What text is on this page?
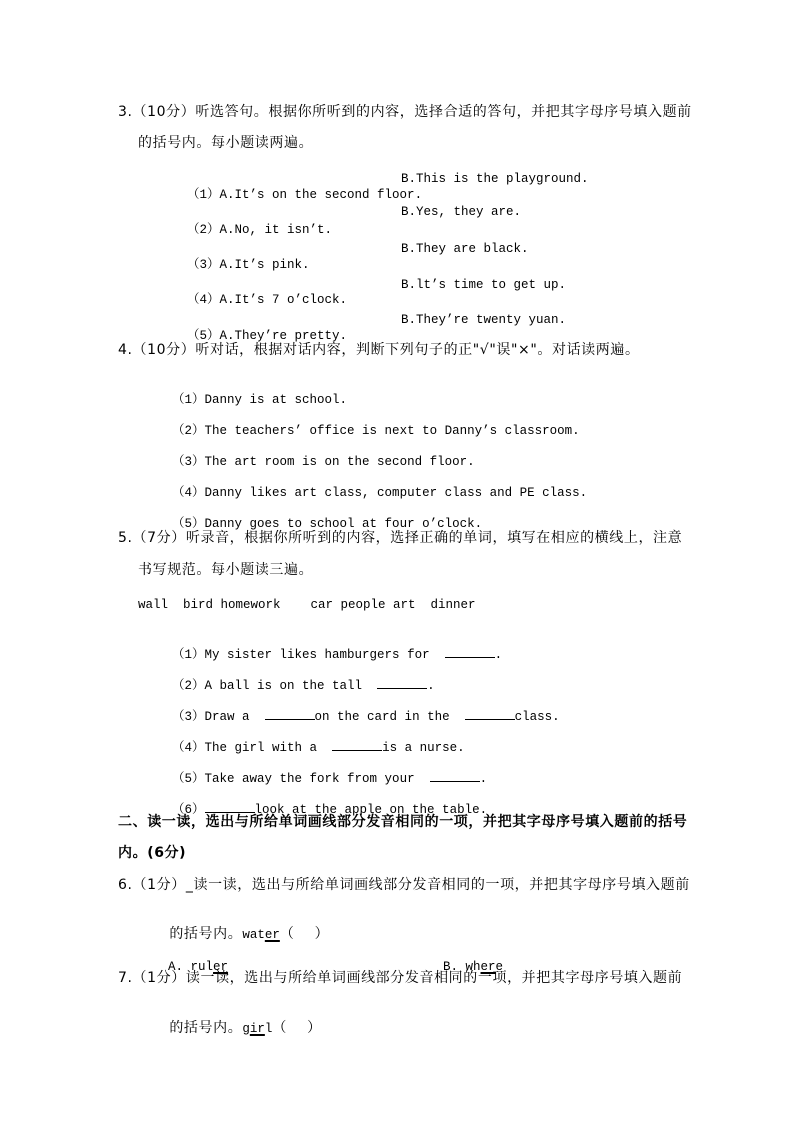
3.（10分）听选答句。根据你所听到的内容，选择合适的答句，并把其字母序号填入题前
的括号内。每小题读两遍。

（1）A.It’s on the second floor.

B.This is the playground.

（2）A.No, it isn’t.

B.Yes, they are.

（3）A.It’s pink.

B.They are black.

（4）A.It’s 7 o’clock.

B.lt’s time to get up.

（5）A.They’re pretty.

B.They’re twenty yuan.
4.（10分）听对话，根据对话内容，判断下列句子的正"√"误"×"。对话读两遍。

（1）Danny is at school.

（2）The teachers’ office is next to Danny’s classroom.

（3）The art room is on the second floor.

（4）Danny likes art class, computer class and PE class.

（5）Danny goes to school at four o’clock.

5.（7分）听录音，根据你所听到的内容，选择正确的单词，填写在相应的横线上，注意
书写规范。每小题读三遍。
wall  bird homework    car people art  dinner

（1）My sister likes hamburgers for	.

（2）A ball is on the tall	.

（3）Draw a	on the card in the	class.

（4）The girl with a	is a nurse.

（5）Take away the fork from your	.

（6）	look at the apple on the table.

二、读一读，选出与所给单词画线部分发音相同的一项，并把其字母序号填入题前的括号
内。(6分)
6.（1分）_读一读，选出与所给单词画线部分发音相同的一项，并把其字母序号填入题前

的括号内。water（    ）

A. ruler
	B. where

7.（1分）读一读，选出与所给单词画线部分发音相同的一项，并把其字母序号填入题前

的括号内。girl（    ）
